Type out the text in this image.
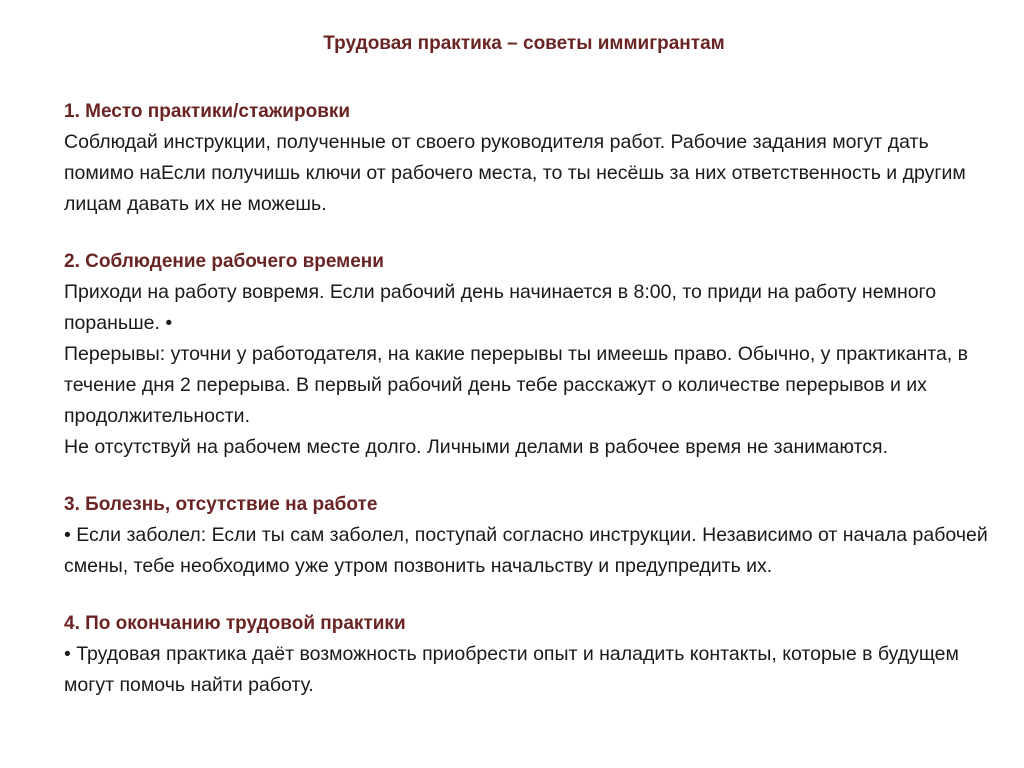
Трудовая практика – советы иммигрантам
1. Место практики/стажировки

Соблюдай инструкции, полученные от своего руководителя работ. Рабочие задания могут дать помимо наЕсли получишь ключи от рабочего места, то ты несёшь за них ответственность и другим лицам давать их не можешь.

2. Соблюдение рабочего времени

Приходи на работу вовремя. Если рабочий день начинается в 8:00, то приди на работу немного пораньше. •

Перерывы: уточни у работодателя, на какие перерывы ты имеешь право. Обычно, у практиканта, в течение дня 2 перерыва. В первый рабочий день тебе расскажут о количестве перерывов и их продолжительности.

Не отсутствуй на рабочем месте долго. Личными делами в рабочее время не занимаются.

3. Болезнь, отсутствие на работе

• Если заболел: Если ты сам заболел, поступай согласно инструкции. Независимо от начала рабочей смены, тебе необходимо уже утром позвонить начальству и предупредить их.

4. По окончанию трудовой практики

• Трудовая практика даёт возможность приобрести опыт и наладить контакты, которые в будущем могут помочь найти работу.
